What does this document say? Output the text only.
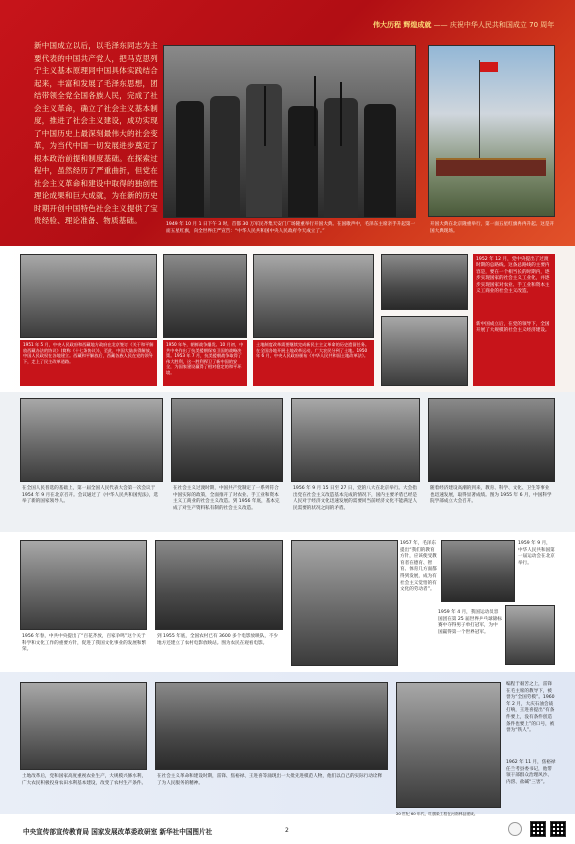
伟大历程 辉煌成就 —— 庆祝中华人民共和国成立 70 周年
新中国成立以后，以毛泽东同志为主要代表的中国共产党人，把马克思列宁主义基本原理同中国具体实践结合起来，丰富和发展了毛泽东思想，团结带领全党全国各族人民，完成了社会主义革命，确立了社会主义基本制度，推进了社会主义建设，成功实现了中国历史上最深刻最伟大的社会变革，为当代中国一切发展进步奠定了根本政治前提和制度基础。在探索过程中，虽然经历了严重曲折，但党在社会主义革命和建设中取得的独创性理论成果和巨大成就，为在新的历史时期开创中国特色社会主义提供了宝贵经验、理论准备、物质基础。	1949 年 10 月 1 日下午 3 时，首都 30 万军民齐集天安门广场隆重举行开国大典。在国歌声中，毛泽东主席亲手升起第一面五星红旗，向全世界庄严宣告：“中华人民共和国中央人民政府今天成立了。”
开国大典在北京隆重举行，第一面五星红旗冉冉升起。这是开国大典现场。
1951 年 5 月，中央人民政府和西藏地方政府在北京签订《关于和平解放西藏办法的协议》(简称《十七条协议》)，至此，中国大陆获得解放，中国人民政权在各地建立。西藏和平解放后，西藏各族人民在党的领导下，走上了民主改革道路。
1950 年冬，朝鲜战争爆发。10 月初，中共中央作出了抗美援朝保家卫国的战略决策。1953 年 7 月，抗美援朝战争取得了伟大胜利，这一胜利捍卫了新中国的安全，为国家建设赢得了相对稳定的和平环境。
土地制度改革需要继续完成新民主主义革命的历史遗留任务。在全国各地开展土地改革运动，广大农民分到了土地。1950 年 6 月，中央人民政府颁布《中华人民共和国土地改革法》。
1952 年 12 月，党中央提出了过渡时期的总路线。这条总路线的主要内容是，要在一个相当长的时期内，逐步实现国家的社会主义工业化，并逐步实现国家对农业、手工业和资本主义工商业的社会主义改造。
新中国成立后，在党的领导下，全国开展了大规模的社会主义经济建设。
在全国人民普选的基础上，第一届全国人民代表大会第一次会议于 1954 年 9 月在北京召开。会议通过了《中华人民共和国宪法》，选举了新的国家领导人。
在社会主义过渡时期，中国共产党制定了一系列符合中国实际的政策，全面推开了对农业、手工业和资本主义工商业的社会主义改造。到 1956 年底，基本完成了对生产资料私有制的社会主义改造。
1956 年 9 月 15 日至 27 日，党的八大在北京举行。大会指出党在社会主义改造基本完成的情况下，国内主要矛盾已经是人民对于经济文化迅速发展的需要同当前经济文化不能满足人民需要的状况之间的矛盾。
随着经济建设高潮的到来，教育、科学、文化、卫生等事业也迅速发展，取得显著成绩。图为 1955 年 6 月，中国科学院学部成立大会召开。
1956 年春，中共中央提出了“百花齐放，百家争鸣”这个关于科学和文化工作的重要方针，促进了我国文化事业的发展和繁荣。
到 1955 年底，全国农村已有 3600 多个电影放映队，不少地方还建立了农村电影放映站。图为农民在观看电影。
1957 年，毛泽东提出“我们的教育方针，应该使受教育者在德育、智育、体育几方面都得到发展，成为有社会主义觉悟的有文化的劳动者”。
1959 年 9 月，中华人民共和国第一届运动会在北京举行。
1959 年 4 月，我国运动员容国团在第 25 届世界乒乓球锦标赛中夺得男子单打冠军，为中国赢得第一个世界冠军。
土地改革后，党和国家高度重视农业生产，大规模兴修水利，广大农民积极投身农田水利基本建设，改变了农村生产条件。
在社会主义革命和建设时期，雷锋、焦裕禄、王进喜等涌现出一大批先进模范人物，他们以自己的实际行动诠释了为人民服务的精神。
编程于艰苦之上，雷锋在毛主席的教导下，被誉为“全国劳模”。1960 年 2 月，大庆石油会战打响，王进喜提出“有条件要上，没有条件创造条件也要上”的口号，被誉为“铁人”。
20 世纪 60 年代，红旗渠工程在河南林县建成。
1962 年 11 月，焦裕禄任兰考县委书记，他带领干部群众治理风沙、内涝、盐碱“三害”。
中央宣传部宣传教育局 国家发展改革委政研室 新华社中国图片社	2
